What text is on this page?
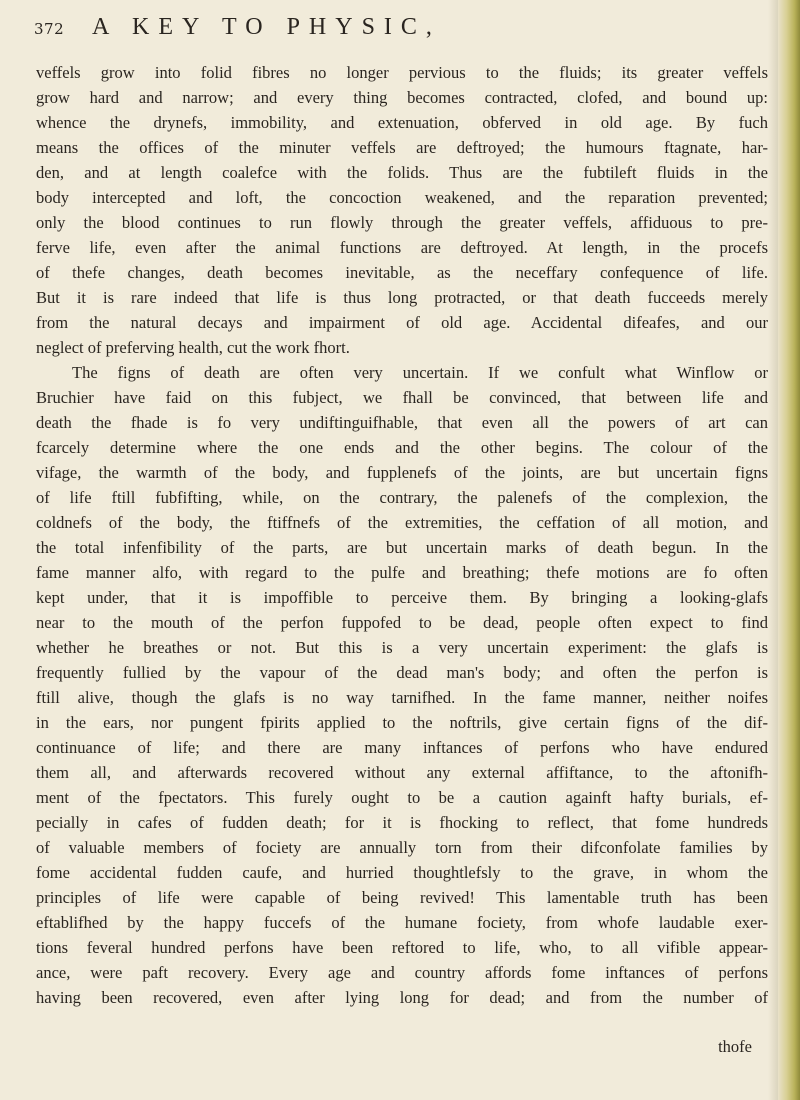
372 A KEY TO PHYSIC,
veffels grow into folid fibres no longer pervious to the fluids; its greater veffels
grow hard and narrow; and every thing becomes contracted, clofed, and bound up:
whence the drynefs, immobility, and extenuation, obferved in old age. By fuch
means the offices of the minuter veffels are deftroyed; the humours ftagnate, har-
den, and at length coalefce with the folids. Thus are the fubtileft fluids in the
body intercepted and loft, the concoction weakened, and the reparation prevented;
only the blood continues to run flowly through the greater veffels, affiduous to pre-
ferve life, even after the animal functions are deftroyed. At length, in the procefs
of thefe changes, death becomes inevitable, as the neceffary confequence of life.
But it is rare indeed that life is thus long protracted, or that death fucceeds merely
from the natural decays and impairment of old age. Accidental difeafes, and our
neglect of preferving health, cut the work fhort.
The figns of death are often very uncertain. If we confult what Winflow or
Bruchier have faid on this fubject, we fhall be convinced, that between life and
death the fhade is fo very undiftinguifhable, that even all the powers of art can
fcarcely determine where the one ends and the other begins. The colour of the
vifage, the warmth of the body, and fupplenefs of the joints, are but uncertain figns
of life ftill fubfifting, while, on the contrary, the palenefs of the complexion, the
coldnefs of the body, the ftiffnefs of the extremities, the ceffation of all motion, and
the total infenfibility of the parts, are but uncertain marks of death begun. In the
fame manner alfo, with regard to the pulfe and breathing; thefe motions are fo often
kept under, that it is impoffible to perceive them. By bringing a looking-glafs
near to the mouth of the perfon fuppofed to be dead, people often expect to find
whether he breathes or not. But this is a very uncertain experiment: the glafs is
frequently fullied by the vapour of the dead man's body; and often the perfon is
ftill alive, though the glafs is no way tarnifhed. In the fame manner, neither noifes
in the ears, nor pungent fpirits applied to the noftrils, give certain figns of the dif-
continuance of life; and there are many inftances of perfons who have endured
them all, and afterwards recovered without any external affiftance, to the aftonifh-
ment of the fpectators. This furely ought to be a caution againft hafty burials, ef-
pecially in cafes of fudden death; for it is fhocking to reflect, that fome hundreds
of valuable members of fociety are annually torn from their difconfolate families by
fome accidental fudden caufe, and hurried thoughtlefsly to the grave, in whom the
principles of life were capable of being revived! This lamentable truth has been
eftablifhed by the happy fuccefs of the humane fociety, from whofe laudable exer-
tions feveral hundred perfons have been reftored to life, who, to all vifible appear-
ance, were paft recovery. Every age and country affords fome inftances of perfons
having been recovered, even after lying long for dead; and from the number of
thofe
